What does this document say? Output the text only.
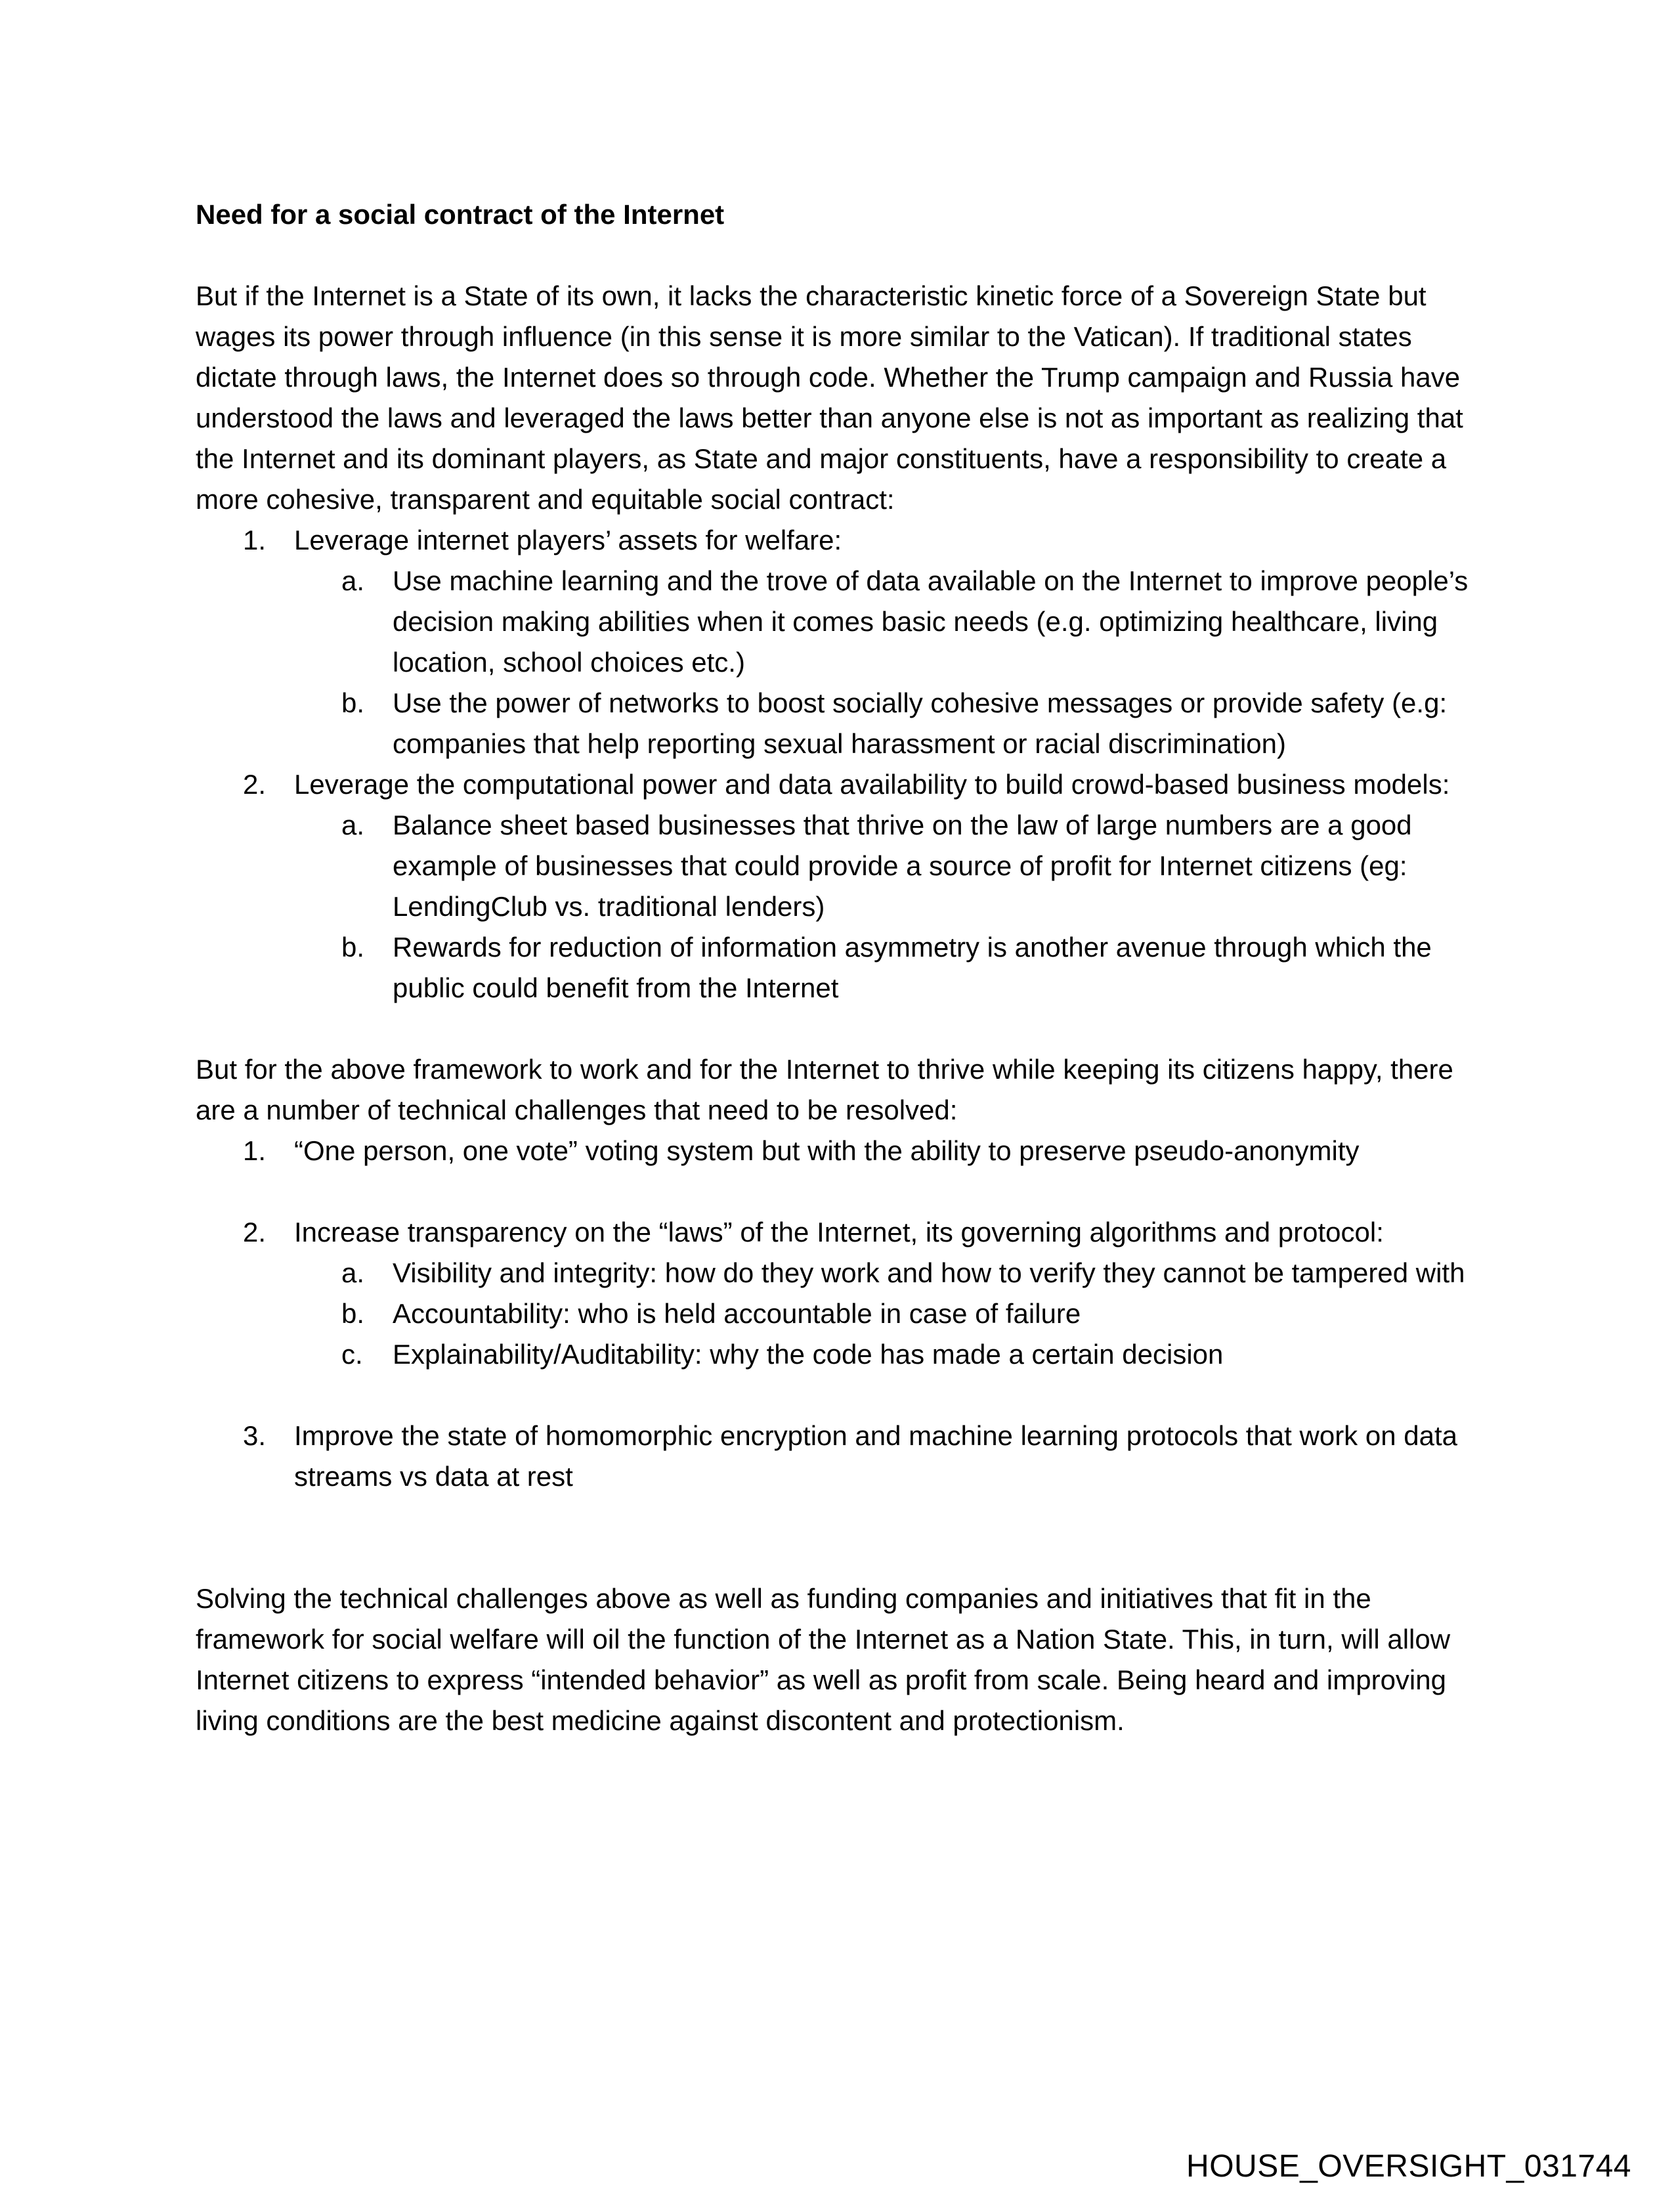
Need for a social contract of the Internet

But if the Internet is a State of its own, it lacks the characteristic kinetic force of a Sovereign State but wages its power through influence (in this sense it is more similar to the Vatican). If traditional states dictate through laws, the Internet does so through code. Whether the Trump campaign and Russia have understood the laws and leveraged the laws better than anyone else is not as important as realizing that the Internet and its dominant players, as State and major constituents, have a responsibility to create a more cohesive, transparent and equitable social contract:

1. Leverage internet players’ assets for welfare:
a. Use machine learning and the trove of data available on the Internet to improve people’s decision making abilities when it comes basic needs (e.g. optimizing healthcare, living location, school choices etc.)
b. Use the power of networks to boost socially cohesive messages or provide safety (e.g: companies that help reporting sexual harassment or racial discrimination)
2. Leverage the computational power and data availability to build crowd-based business models:
a. Balance sheet based businesses that thrive on the law of large numbers are a good example of businesses that could provide a source of profit for Internet citizens (eg: LendingClub vs. traditional lenders)
b. Rewards for reduction of information asymmetry is another avenue through which the public could benefit from the Internet

But for the above framework to work and for the Internet to thrive while keeping its citizens happy, there are a number of technical challenges that need to be resolved:

1. “One person, one vote” voting system but with the ability to preserve pseudo-anonymity
2. Increase transparency on the “laws” of the Internet, its governing algorithms and protocol:
a. Visibility and integrity: how do they work and how to verify they cannot be tampered with
b. Accountability: who is held accountable in case of failure
c. Explainability/Auditability: why the code has made a certain decision
3. Improve the state of homomorphic encryption and machine learning protocols that work on data streams vs data at rest

Solving the technical challenges above as well as funding companies and initiatives that fit in the framework for social welfare will oil the function of the Internet as a Nation State. This, in turn, will allow Internet citizens to express “intended behavior” as well as profit from scale. Being heard and improving living conditions are the best medicine against discontent and protectionism.

HOUSE_OVERSIGHT_031744
